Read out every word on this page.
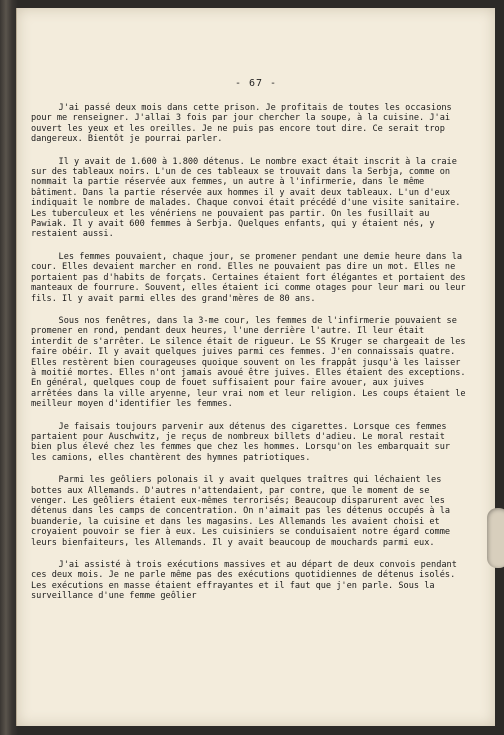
- 67 -

J'ai passé deux mois dans cette prison. Je profitais de toutes les occasions pour me renseigner. J'allai 3 fois par jour chercher la soupe, à la cuisine. J'ai ouvert les yeux et les oreilles. Je ne puis pas encore tout dire. Ce serait trop dangereux. Bientôt je pourrai parler.

Il y avait de 1.600 à 1.800 détenus. Le nombre exact était inscrit à la craie sur des tableaux noirs. L'un de ces tableaux se trouvait dans la Serbja, comme on nommait la partie réservée aux femmes, un autre à l'infirmerie, dans le même bâtiment. Dans la partie réservée aux hommes il y avait deux tableaux. L'un d'eux indiquait le nombre de malades. Chaque convoi était précédé d'une visite sanitaire. Les tuberculeux et les vénériens ne pouvaient pas partir. On les fusillait au Pawiak. Il y avait 600 femmes à Serbja. Quelques enfants, qui y étaient nés, y restaient aussi.

Les femmes pouvaient, chaque jour, se promener pendant une demie heure dans la cour. Elles devaient marcher en rond. Elles ne pouvaient pas dire un mot. Elles ne portaient pas d'habits de forçats. Certaines étaient fort élégantes et portaient des manteaux de fourrure. Souvent, elles étaient ici comme otages pour leur mari ou leur fils. Il y avait parmi elles des grand'mères de 80 ans.

Sous nos fenêtres, dans la 3-me cour, les femmes de l'infirmerie pouvaient se promener en rond, pendant deux heures, l'une derrière l'autre. Il leur était interdit de s'arrêter. Le silence était de rigueur. Le SS Kruger se chargeait de les faire obéir. Il y avait quelques juives parmi ces femmes. J'en connaissais quatre. Elles restèrent bien courageuses quoique souvent on les frappât jusqu'à les laisser à moitié mortes. Elles n'ont jamais avoué être juives. Elles étaient des exceptions. En général, quelques coup de fouet suffisaient pour faire avouer, aux juives arrêtées dans la ville aryenne, leur vrai nom et leur religion. Les coups étaient le meilleur moyen d'identifier les femmes.

Je faisais toujours parvenir aux détenus des cigarettes. Lorsque ces femmes partaient pour Auschwitz, je reçus de nombreux billets d'adieu. Le moral restait bien plus élevé chez les femmes que chez les hommes. Lorsqu'on les embarquait sur les camions, elles chantèrent des hymnes patriotiques.

Parmi les geôliers polonais il y avait quelques traîtres qui léchaient les bottes aux Allemands. D'autres n'attendaient, par contre, que le moment de se venger. Les geôliers étaient eux-mêmes terrorisés; Beaucoup disparurent avec les détenus dans les camps de concentration. On n'aimait pas les détenus occupés à la buanderie, la cuisine et dans les magasins. Les Allemands les avaient choisi et croyaient pouvoir se fier à eux. Les cuisiniers se conduisaient notre égard comme leurs bienfaiteurs, les Allemands. Il y avait beaucoup de mouchards parmi eux.

J'ai assisté à trois exécutions massives et au départ de deux convois pendant ces deux mois. Je ne parle même pas des exécutions quotidiennes de détenus isolés. Les exécutions en masse étaient effrayantes et il faut que j'en parle. Sous la surveillance d'une femme geôlier
